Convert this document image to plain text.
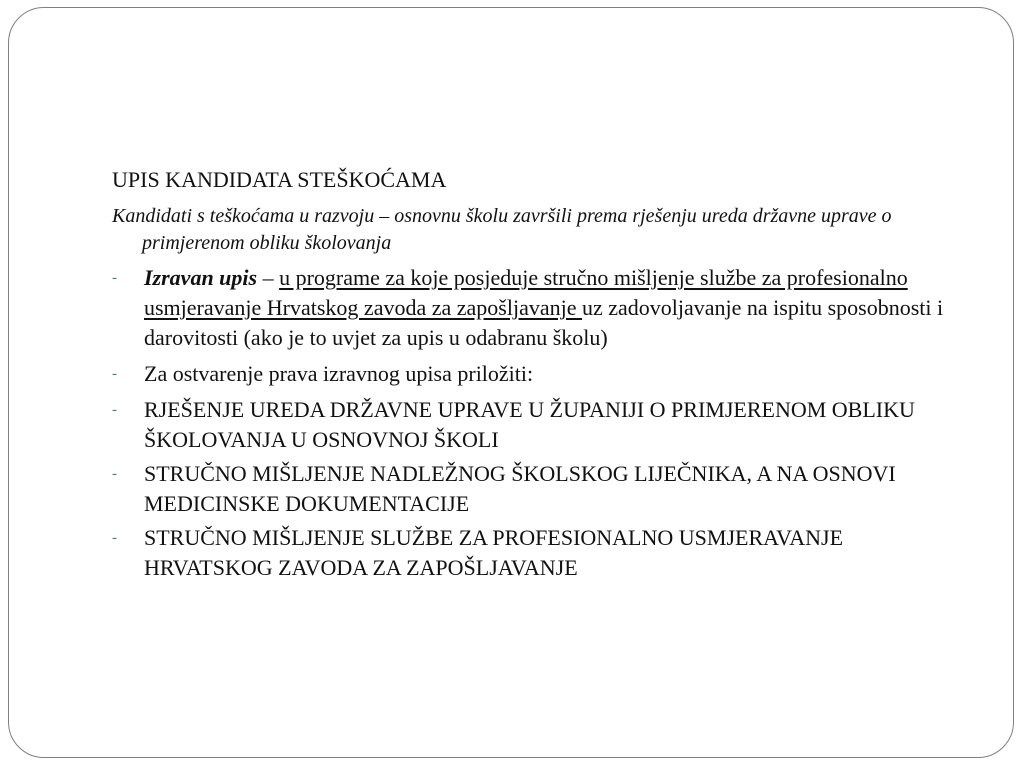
UPIS KANDIDATA STEŠKOĆAMA
Kandidati s teškoćama u razvoju – osnovnu školu završili prema rješenju ureda državne uprave o primjerenom obliku školovanja
- Izravan upis – u programe za koje posjeduje stručno mišljenje službe za profesionalno usmjeravanje Hrvatskog zavoda za zapošljavanje uz zadovoljavanje na ispitu sposobnosti i darovitosti (ako je to uvjet za upis u odabranu školu)
- Za ostvarenje prava izravnog upisa priložiti:
- RJEŠENJE UREDA DRŽAVNE UPRAVE U ŽUPANIJI O PRIMJERENOM OBLIKU ŠKOLOVANJA U OSNOVNOJ ŠKOLI
- STRUČNO MIŠLJENJE NADLEŽNOG ŠKOLSKOG LIJEČNIKA, A NA OSNOVI MEDICINSKE DOKUMENTACIJE
- STRUČNO MIŠLJENJE SLUŽBE ZA PROFESIONALNO USMJERAVANJE HRVATSKOG ZAVODA ZA ZAPOŠLJAVANJE
